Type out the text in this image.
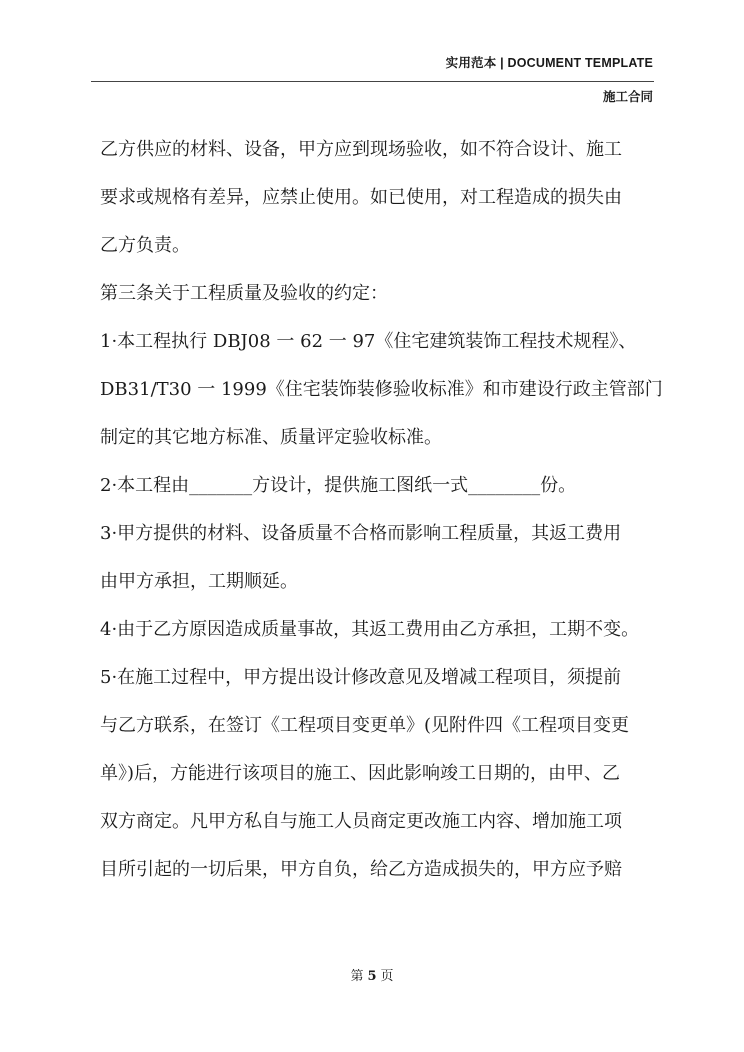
实用范本 | DOCUMENT TEMPLATE
施工合同

乙方供应的材料、设备，甲方应到现场验收，如不符合设计、施工

要求或规格有差异，应禁止使用。如已使用，对工程造成的损失由

乙方负责。

第三条关于工程质量及验收的约定：

1·本工程执行 DBJ08 一 62 一 97《住宅建筑装饰工程技术规程》、

DB31/T30 一 1999《住宅装饰装修验收标准》和市建设行政主管部门

制定的其它地方标准、质量评定验收标准。

2·本工程由_______方设计，提供施工图纸一式________份。

3·甲方提供的材料、设备质量不合格而影响工程质量，其返工费用

由甲方承担，工期顺延。

4·由于乙方原因造成质量事故，其返工费用由乙方承担，工期不变。

5·在施工过程中，甲方提出设计修改意见及增减工程项目，须提前

与乙方联系，在签订《工程项目变更单》(见附件四《工程项目变更

单》)后，方能进行该项目的施工、因此影响竣工日期的，由甲、乙

双方商定。凡甲方私自与施工人员商定更改施工内容、增加施工项

目所引起的一切后果，甲方自负，给乙方造成损失的，甲方应予赔

第 5 页
